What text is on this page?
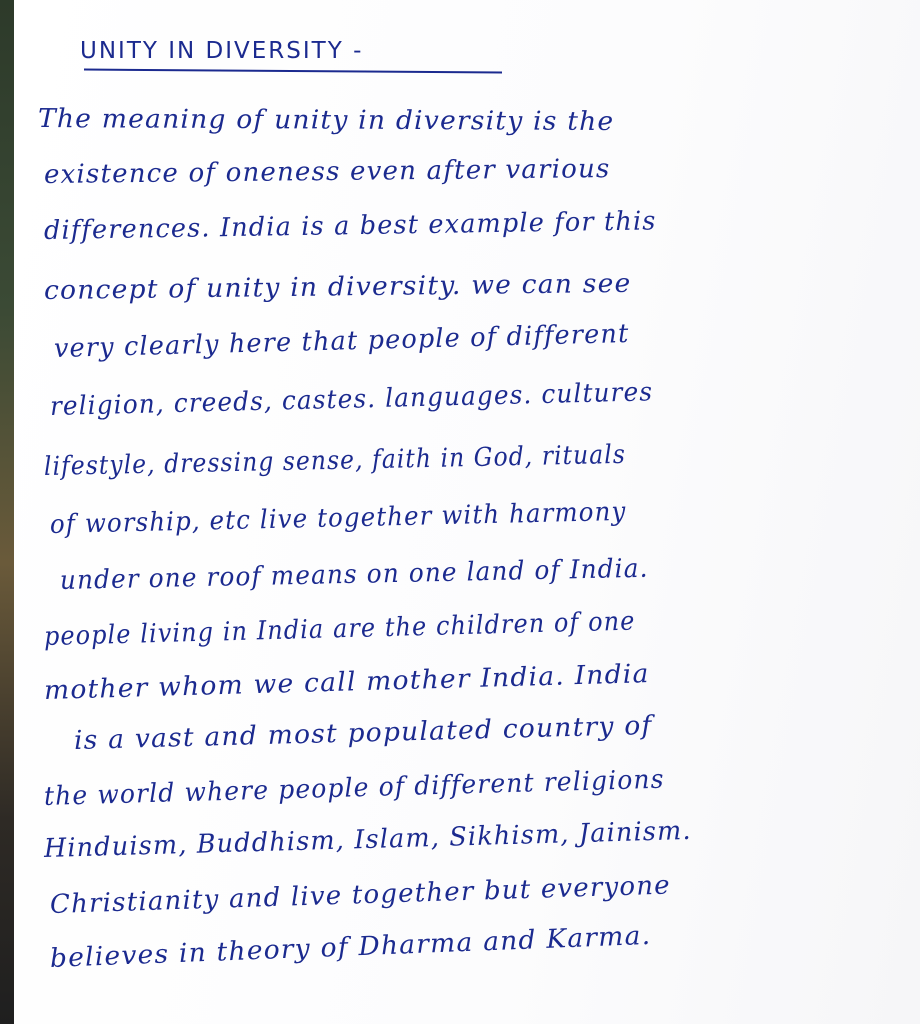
UNITY IN DIVERSITY -
The meaning of unity in diversity is the
existence of oneness even after various
differences. India is a best example for this
concept of unity in diversity. we can see
very clearly here that people of different
religion, creeds, castes. languages. cultures
lifestyle, dressing sense, faith in God, rituals
of worship, etc live together with harmony
under one roof means on one land of India.
people living in India are the children of one
mother whom we call mother India. India
is a vast and most populated country of
the world where people of different religions
Hinduism, Buddhism, Islam, Sikhism, Jainism.
Christianity and live together but everyone
believes in theory of Dharma and Karma.
